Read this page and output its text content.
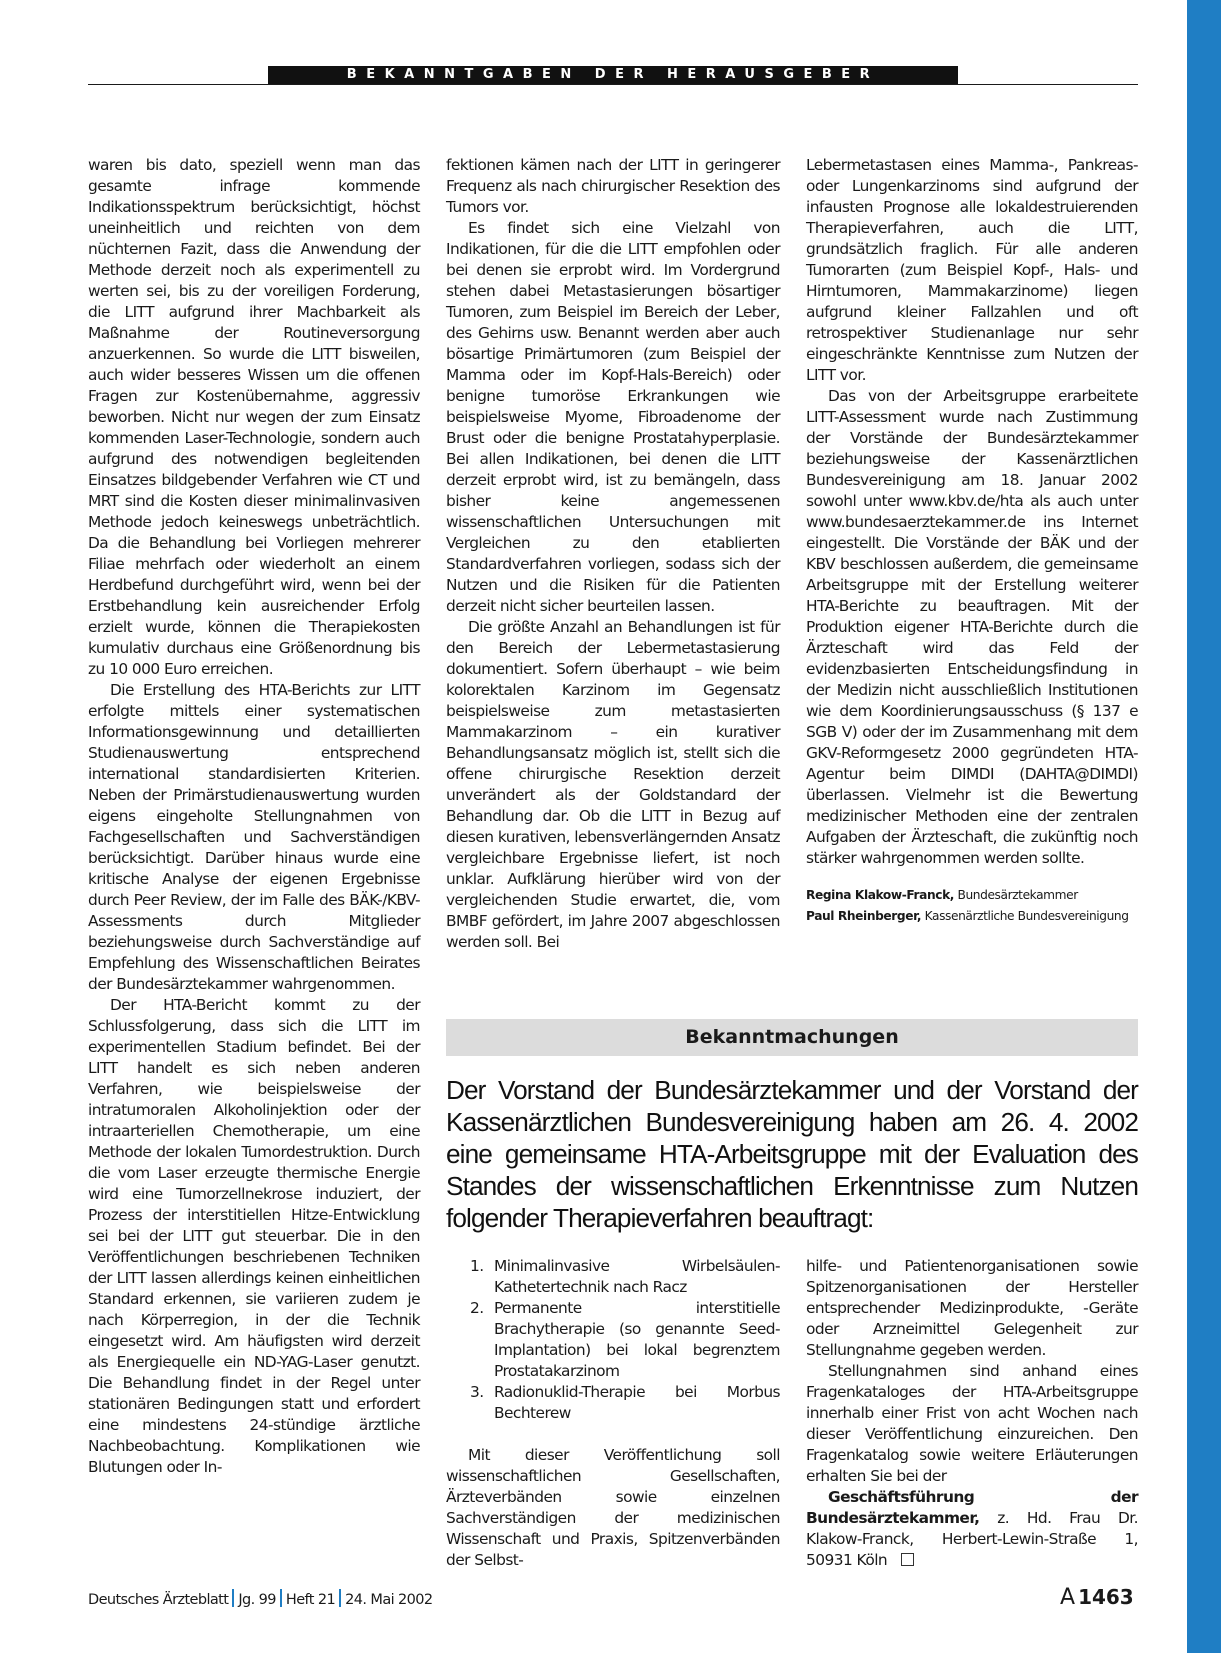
BEKANNTGABEN DER HERAUSGEBER

waren bis dato, speziell wenn man das gesamte infrage kommende Indikationsspektrum berücksichtigt, höchst uneinheitlich und reichten von dem nüchternen Fazit, dass die Anwendung der Methode derzeit noch als experimentell zu werten sei, bis zu der voreiligen Forderung, die LITT aufgrund ihrer Machbarkeit als Maßnahme der Routineversorgung anzuerkennen. So wurde die LITT bisweilen, auch wider besseres Wissen um die offenen Fragen zur Kostenübernahme, aggressiv beworben. Nicht nur wegen der zum Einsatz kommenden Laser-Technologie, sondern auch aufgrund des notwendigen begleitenden Einsatzes bildgebender Verfahren wie CT und MRT sind die Kosten dieser minimalinvasiven Methode jedoch keineswegs unbeträchtlich. Da die Behandlung bei Vorliegen mehrerer Filiae mehrfach oder wiederholt an einem Herdbefund durchgeführt wird, wenn bei der Erstbehandlung kein ausreichender Erfolg erzielt wurde, können die Therapiekosten kumulativ durchaus eine Größenordnung bis zu 10 000 Euro erreichen.

Die Erstellung des HTA-Berichts zur LITT erfolgte mittels einer systematischen Informationsgewinnung und detaillierten Studienauswertung entsprechend international standardisierten Kriterien. Neben der Primärstudienauswertung wurden eigens eingeholte Stellungnahmen von Fachgesellschaften und Sachverständigen berücksichtigt. Darüber hinaus wurde eine kritische Analyse der eigenen Ergebnisse durch Peer Review, der im Falle des BÄK-/KBV-Assessments durch Mitglieder beziehungsweise durch Sachverständige auf Empfehlung des Wissenschaftlichen Beirates der Bundesärztekammer wahrgenommen.

Der HTA-Bericht kommt zu der Schlussfolgerung, dass sich die LITT im experimentellen Stadium befindet. Bei der LITT handelt es sich neben anderen Verfahren, wie beispielsweise der intratumoralen Alkoholinjektion oder der intraarteriellen Chemotherapie, um eine Methode der lokalen Tumordestruktion. Durch die vom Laser erzeugte thermische Energie wird eine Tumorzellnekrose induziert, der Prozess der interstitiellen Hitze-Entwicklung sei bei der LITT gut steuerbar. Die in den Veröffentlichungen beschriebenen Techniken der LITT lassen allerdings keinen einheitlichen Standard erkennen, sie variieren zudem je nach Körperregion, in der die Technik eingesetzt wird. Am häufigsten wird derzeit als Energiequelle ein ND-YAG-Laser genutzt. Die Behandlung findet in der Regel unter stationären Bedingungen statt und erfordert eine mindestens 24-stündige ärztliche Nachbeobachtung. Komplikationen wie Blutungen oder In-

fektionen kämen nach der LITT in geringerer Frequenz als nach chirurgischer Resektion des Tumors vor.

Es findet sich eine Vielzahl von Indikationen, für die die LITT empfohlen oder bei denen sie erprobt wird. Im Vordergrund stehen dabei Metastasierungen bösartiger Tumoren, zum Beispiel im Bereich der Leber, des Gehirns usw. Benannt werden aber auch bösartige Primärtumoren (zum Beispiel der Mamma oder im Kopf-Hals-Bereich) oder benigne tumoröse Erkrankungen wie beispielsweise Myome, Fibroadenome der Brust oder die benigne Prostatahyperplasie. Bei allen Indikationen, bei denen die LITT derzeit erprobt wird, ist zu bemängeln, dass bisher keine angemessenen wissenschaftlichen Untersuchungen mit Vergleichen zu den etablierten Standardverfahren vorliegen, sodass sich der Nutzen und die Risiken für die Patienten derzeit nicht sicher beurteilen lassen.

Die größte Anzahl an Behandlungen ist für den Bereich der Lebermetastasierung dokumentiert. Sofern überhaupt – wie beim kolorektalen Karzinom im Gegensatz beispielsweise zum metastasierten Mammakarzinom – ein kurativer Behandlungsansatz möglich ist, stellt sich die offene chirurgische Resektion derzeit unverändert als der Goldstandard der Behandlung dar. Ob die LITT in Bezug auf diesen kurativen, lebensverlängernden Ansatz vergleichbare Ergebnisse liefert, ist noch unklar. Aufklärung hierüber wird von der vergleichenden Studie erwartet, die, vom BMBF gefördert, im Jahre 2007 abgeschlossen werden soll. Bei

Lebermetastasen eines Mamma-, Pankreas- oder Lungenkarzinoms sind aufgrund der infausten Prognose alle lokaldestruierenden Therapieverfahren, auch die LITT, grundsätzlich fraglich. Für alle anderen Tumorarten (zum Beispiel Kopf-, Hals- und Hirntumoren, Mammakarzinome) liegen aufgrund kleiner Fallzahlen und oft retrospektiver Studienanlage nur sehr eingeschränkte Kenntnisse zum Nutzen der LITT vor.

Das von der Arbeitsgruppe erarbeitete LITT-Assessment wurde nach Zustimmung der Vorstände der Bundesärztekammer beziehungsweise der Kassenärztlichen Bundesvereinigung am 18. Januar 2002 sowohl unter www.kbv.de/hta als auch unter www.bundesaerztekammer.de ins Internet eingestellt. Die Vorstände der BÄK und der KBV beschlossen außerdem, die gemeinsame Arbeitsgruppe mit der Erstellung weiterer HTA-Berichte zu beauftragen. Mit der Produktion eigener HTA-Berichte durch die Ärzteschaft wird das Feld der evidenzbasierten Entscheidungsfindung in der Medizin nicht ausschließlich Institutionen wie dem Koordinierungsausschuss (§ 137 e SGB V) oder der im Zusammenhang mit dem GKV-Reformgesetz 2000 gegründeten HTA-Agentur beim DIMDI (DAHTA@DIMDI) überlassen. Vielmehr ist die Bewertung medizinischer Methoden eine der zentralen Aufgaben der Ärzteschaft, die zukünftig noch stärker wahrgenommen werden sollte.

Regina Klakow-Franck, Bundesärztekammer
Paul Rheinberger, Kassenärztliche Bundesvereinigung
Bekanntmachungen
Der Vorstand der Bundesärztekammer und der Vorstand der Kassenärztlichen Bundesvereinigung haben am 26. 4. 2002 eine gemeinsame HTA-Arbeitsgruppe mit der Evaluation des Standes der wissenschaftlichen Erkenntnisse zum Nutzen folgender Therapieverfahren beauftragt:
1. Minimalinvasive Wirbelsäulen-Kathetertechnik nach Racz
2. Permanente interstitielle Brachytherapie (so genannte Seed-Implantation) bei lokal begrenztem Prostatakarzinom
3. Radionuklid-Therapie bei Morbus Bechterew

Mit dieser Veröffentlichung soll wissenschaftlichen Gesellschaften, Ärzteverbänden sowie einzelnen Sachverständigen der medizinischen Wissenschaft und Praxis, Spitzenverbänden der Selbst-

hilfe- und Patientenorganisationen sowie Spitzenorganisationen der Hersteller entsprechender Medizinprodukte, -Geräte oder Arzneimittel Gelegenheit zur Stellungnahme gegeben werden.

Stellungnahmen sind anhand eines Fragenkataloges der HTA-Arbeitsgruppe innerhalb einer Frist von acht Wochen nach dieser Veröffentlichung einzureichen. Den Fragenkatalog sowie weitere Erläuterungen erhalten Sie bei der

Geschäftsführung der Bundesärztekammer, z. Hd. Frau Dr. Klakow-Franck, Herbert-Lewin-Straße 1, 50931 Köln

Deutsches Ärzteblatt Jg. 99 Heft 21 24. Mai 2002	A 1463
